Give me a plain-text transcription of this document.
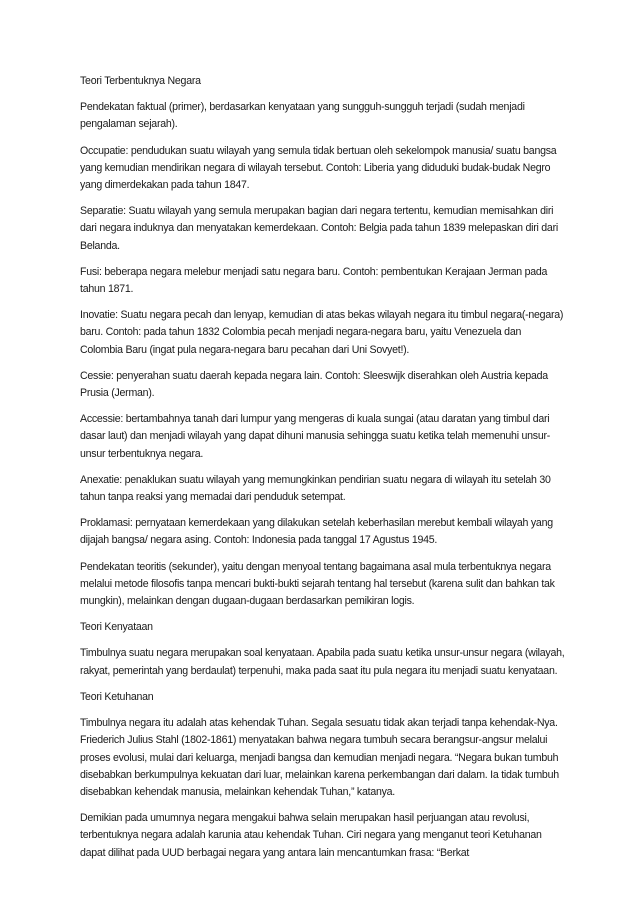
Teori Terbentuknya Negara

Pendekatan faktual (primer), berdasarkan kenyataan yang sungguh-sungguh terjadi (sudah menjadi pengalaman sejarah).

Occupatie: pendudukan suatu wilayah yang semula tidak bertuan oleh sekelompok manusia/ suatu bangsa yang kemudian mendirikan negara di wilayah tersebut. Contoh: Liberia yang diduduki budak-budak Negro yang dimerdekakan pada tahun 1847.

Separatie: Suatu wilayah yang semula merupakan bagian dari negara tertentu, kemudian memisahkan diri dari negara induknya dan menyatakan kemerdekaan. Contoh: Belgia pada tahun 1839 melepaskan diri dari Belanda.

Fusi: beberapa negara melebur menjadi satu negara baru. Contoh: pembentukan Kerajaan Jerman pada tahun 1871.

Inovatie: Suatu negara pecah dan lenyap, kemudian di atas bekas wilayah negara itu timbul negara(-negara) baru. Contoh: pada tahun 1832 Colombia pecah menjadi negara-negara baru, yaitu Venezuela dan Colombia Baru (ingat pula negara-negara baru pecahan dari Uni Sovyet!).

Cessie: penyerahan suatu daerah kepada negara lain. Contoh: Sleeswijk diserahkan oleh Austria kepada Prusia (Jerman).

Accessie: bertambahnya tanah dari lumpur yang mengeras di kuala sungai (atau daratan yang timbul dari dasar laut) dan menjadi wilayah yang dapat dihuni manusia sehingga suatu ketika telah memenuhi unsur-unsur terbentuknya negara.

Anexatie: penaklukan suatu wilayah yang memungkinkan pendirian suatu negara di wilayah itu setelah 30 tahun tanpa reaksi yang memadai dari penduduk setempat.

Proklamasi: pernyataan kemerdekaan yang dilakukan setelah keberhasilan merebut kembali wilayah yang dijajah bangsa/ negara asing. Contoh: Indonesia pada tanggal 17 Agustus 1945.

Pendekatan teoritis (sekunder), yaitu dengan menyoal tentang bagaimana asal mula terbentuknya negara melalui metode filosofis tanpa mencari bukti-bukti sejarah tentang hal tersebut (karena sulit dan bahkan tak mungkin), melainkan dengan dugaan-dugaan berdasarkan pemikiran logis.

Teori Kenyataan

Timbulnya suatu negara merupakan soal kenyataan. Apabila pada suatu ketika unsur-unsur negara (wilayah, rakyat, pemerintah yang berdaulat) terpenuhi, maka pada saat itu pula negara itu menjadi suatu kenyataan.

Teori Ketuhanan

Timbulnya negara itu adalah atas kehendak Tuhan. Segala sesuatu tidak akan terjadi tanpa kehendak-Nya. Friederich Julius Stahl (1802-1861) menyatakan bahwa negara tumbuh secara berangsur-angsur melalui proses evolusi, mulai dari keluarga, menjadi bangsa dan kemudian menjadi negara. “Negara bukan tumbuh disebabkan berkumpulnya kekuatan dari luar, melainkan karena perkembangan dari dalam. Ia tidak tumbuh disebabkan kehendak manusia, melainkan kehendak Tuhan,” katanya.

Demikian pada umumnya negara mengakui bahwa selain merupakan hasil perjuangan atau revolusi, terbentuknya negara adalah karunia atau kehendak Tuhan. Ciri negara yang menganut teori Ketuhanan dapat dilihat pada UUD berbagai negara yang antara lain mencantumkan frasa: “Berkat
